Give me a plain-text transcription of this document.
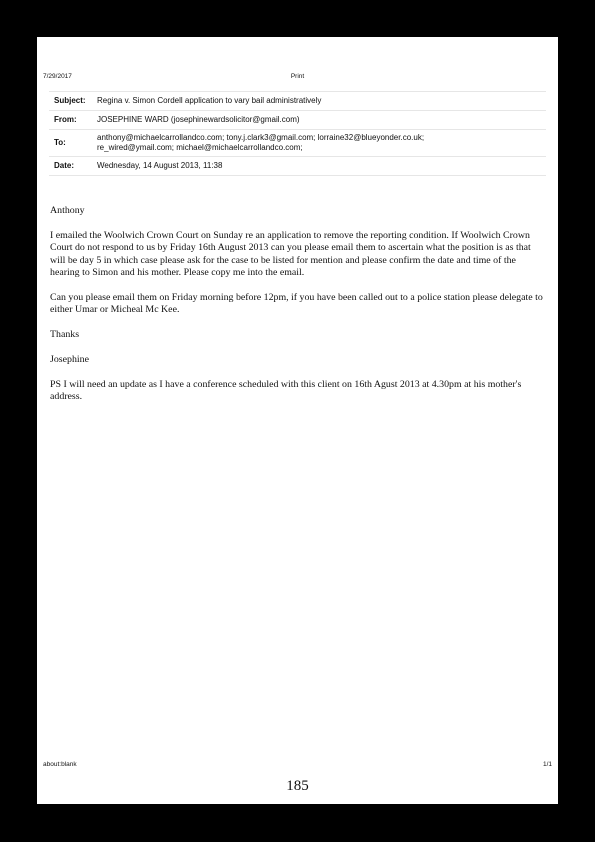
7/29/2017	Print
Subject:	Regina v. Simon Cordell application to vary bail administratively
From:	JOSEPHINE WARD (josephinewardsolicitor@gmail.com)
To:	anthony@michaelcarrollandco.com; tony.j.clark3@gmail.com; lorraine32@blueyonder.co.uk;
re_wired@ymail.com; michael@michaelcarrollandco.com;

Date:	Wednesday, 14 August 2013, 11:38

Anthony

I emailed the Woolwich Crown Court on Sunday re an application to remove the reporting condition. If Woolwich Crown Court do not respond to us by Friday 16th August 2013 can you please email them to ascertain what the position is as that will be day 5 in which case please ask for the case to be listed for mention and please confirm the date and time of the hearing to Simon and his mother. Please copy me into the email.

Can you please email them on Friday morning before 12pm, if you have been called out to a police station please delegate to either Umar or Micheal Mc Kee.

Thanks

Josephine

PS I will need an update as I have a conference scheduled with this client on 16th Agust 2013 at 4.30pm at his mother's address.

about:blank	1/1
185
